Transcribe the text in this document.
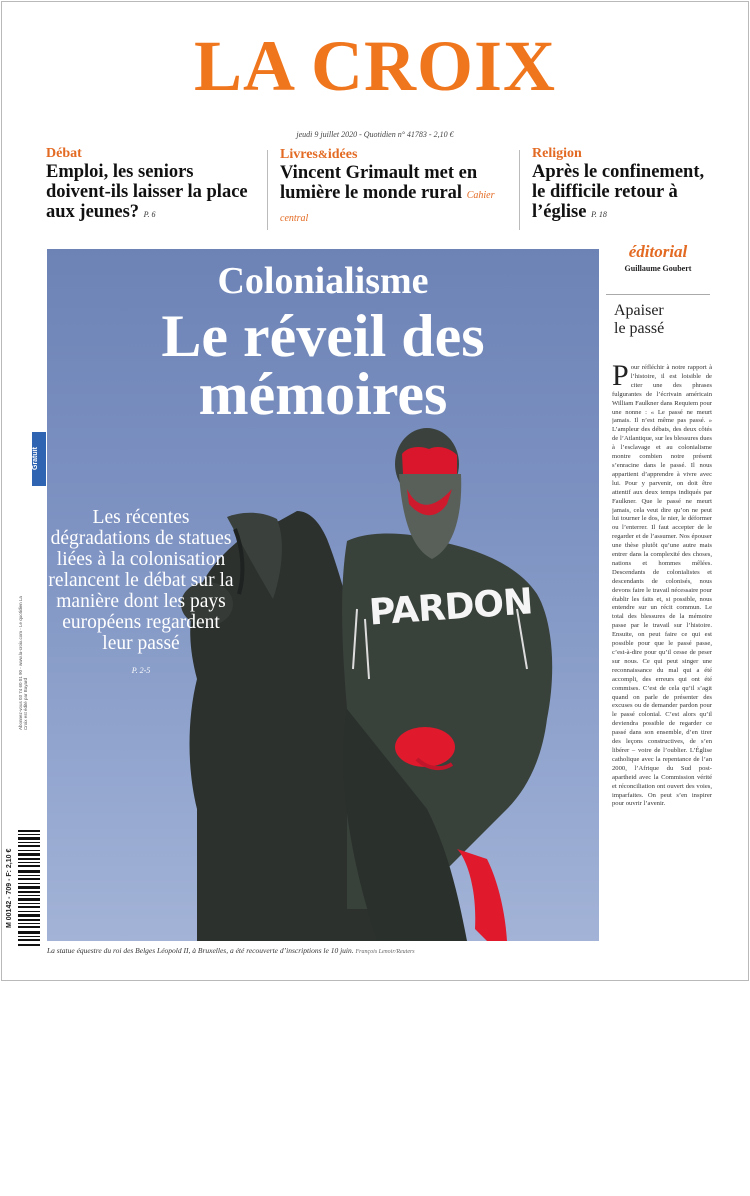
LA CROIX
jeudi 9 juillet 2020 - Quotidien n° 41783 - 2,10 €
Débat
Emploi, les seniors doivent-ils laisser la place aux jeunes? P. 6
Livres&idées
Vincent Grimault met en lumière le monde rural Cahier central
Religion
Après le confinement, le difficile retour à l’église P. 18
Colonialisme
Le réveil des
mémoires
Les récentes dégradations de statues liées à la colonisation relancent le débat sur la manière dont les pays européens regardent leur passé
P. 2-5
PARDON
La statue équestre du roi des Belges Léopold II, à Bruxelles, a été recouverte d’inscriptions le 10 juin. François Lenoir/Reuters
Gratuit
Abonnez-vous 03 74 60 01 90 - www.la-croix.com - Le quotidien La Croix est édité par Bayard
M 00142 - 709 - F: 2,10 €
éditorial
Guillaume Goubert
Apaiser
le passé

Pour réfléchir à notre rapport à l’histoire, il est loisible de citer une des phrases fulgurantes de l’écrivain américain William Faulkner dans Requiem pour une nonne : « Le passé ne meurt jamais. Il n’est même pas passé. » L’ampleur des débats, des deux côtés de l’Atlantique, sur les blessures dues à l’esclavage et au colonialisme montre combien notre présent s’enracine dans le passé. Il nous appartient d’apprendre à vivre avec lui. Pour y parvenir, on doit être attentif aux deux temps indiqués par Faulkner. Que le passé ne meurt jamais, cela veut dire qu’on ne peut lui tourner le dos, le nier, le déformer ou l’enterrer. Il faut accepter de le regarder et de l’assumer. Nos épouser une thèse plutôt qu’une autre mais entrer dans la complexité des choses, nations et hommes mêlées. Descendants de colonialistes et descendants de colonisés, nous devons faire le travail nécessaire pour établir les faits et, si possible, nous entendre sur un récit commun. Le total des blessures de la mémoire passe par le travail sur l’histoire. Ensuite, on peut faire ce qui est possible pour que le passé passe, c’est-à-dire pour qu’il cesse de peser sur nous. Ce qui peut singer une reconnaissance du mal qui a été accompli, des erreurs qui ont été commises. C’est de cela qu’il s’agit quand on parle de présenter des excuses ou de demander pardon pour le passé colonial. C’est alors qu’il deviendra possible de regarder ce passé dans son ensemble, d’en tirer des leçons constructives, de s’en libérer – voire de l’oublier. L’Église catholique avec la repentance de l’an 2000, l’Afrique du Sud post-apartheid avec la Commission vérité et réconciliation ont ouvert des voies, imparfaites. On peut s’en inspirer pour ouvrir l’avenir.
